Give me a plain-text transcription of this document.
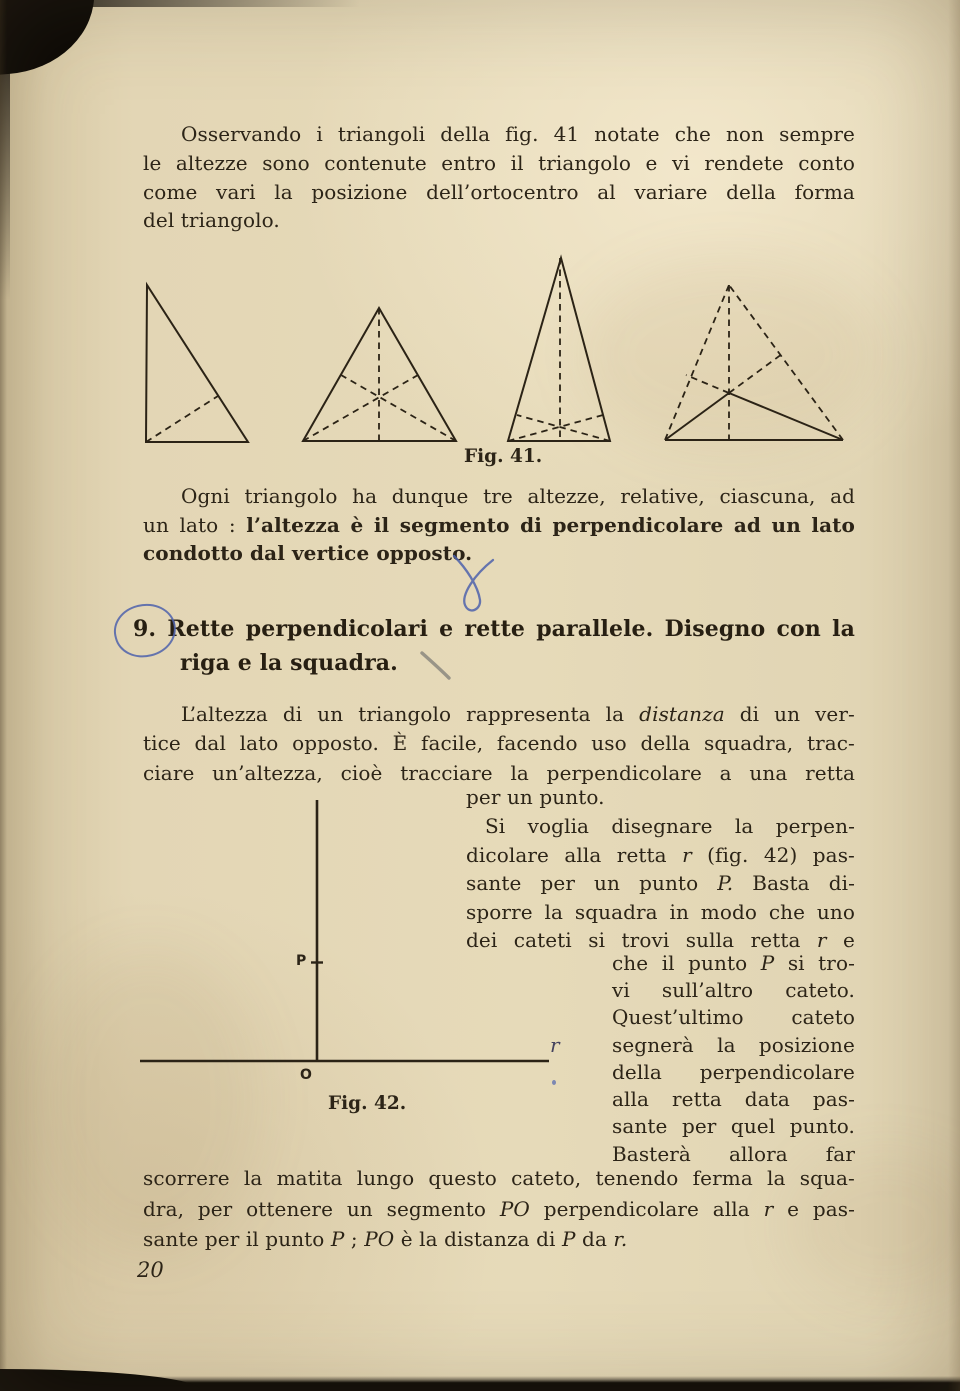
Osservando i triangoli della fig. 41 notate che non sempre
le altezze sono contenute entro il triangolo e vi rendete conto
come vari la posizione dell’ortocentro al variare della forma
del triangolo.
Fig. 41.
Ogni triangolo ha dunque tre altezze, relative, ciascuna, ad
un lato : l’altezza è il segmento di perpendicolare ad un lato
condotto dal vertice opposto.
9. Rette perpendicolari e rette parallele. Disegno con la
riga e la squadra.
L’altezza di un triangolo rappresenta la distanza di un ver-
tice dal lato opposto. È facile, facendo uso della squadra, trac-
ciare un’altezza, cioè tracciare la perpendicolare a una retta
per un punto.
P
O
r
Fig. 42.
Si voglia disegnare la perpen-
dicolare alla retta r (fig. 42) pas-
sante per un punto P. Basta di-
sporre la squadra in modo che uno
dei cateti si trovi sulla retta r e
che il punto P si tro-
vi sull’altro cateto.
Quest’ultimo cateto
segnerà la posizione
della perpendicolare
alla retta data pas-
sante per quel punto.
Basterà allora far
scorrere la matita lungo questo cateto, tenendo ferma la squa-
dra, per ottenere un segmento PO perpendicolare alla r e pas-
sante per il punto P ; PO è la distanza di P da r.
20
